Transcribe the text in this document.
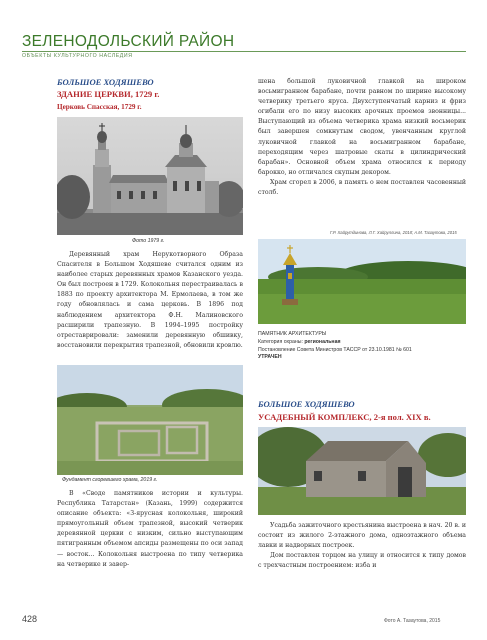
ЗЕЛЕНОДОЛЬСКИЙ РАЙОН
ОБЪЕКТЫ КУЛЬТУРНОГО НАСЛЕДИЯ
БОЛЬШОЕ ХОДЯШЕВО
ЗДАНИЕ ЦЕРКВИ, 1729 г.
Церковь Спасская, 1729 г.
Фото 1979 г.

Деревянный храм Нерукотворного Образа Спасителя в Большом Ходяшеве считался одним из наиболее старых деревянных храмов Казанского уезда. Он был построен в 1729. Колокольня перестраивалась в 1883 по проекту архитектора М. Ермолаева, в том же году обновлялась и сама церковь. В 1896 под наблюдением архитектора Ф.Н. Малиновского расширили трапезную. В 1994–1995 постройку отреставрировали: заменили деревянную обшивку, восстановили перекрытия трапезной, обновили кровлю.

Фундамент сгоревшего храма, 2019 г.

В «Своде памятников истории и культуры. Республика Татарстан» (Казань, 1999) содержится описание объекта: «3-ярусная колокольня, широкий прямоугольный объем трапезной, высокий четверик деревянной церкви с низким, сильно выступающим пятигранным объемом апсиды размещены по оси запад — восток... Колокольня выстроена по типу четверика на четверике и завер-

шена большой луковичной главкой на широком восьмигранном барабане, почти равном по ширине высокому четверику третьего яруса. Двухступенчатый карниз и фриз огибали его по низу высоких арочных проемов звонницы... Выступающий из объема четверика храма низкий восьмерик был завершен сомкнутым сводом, увенчанным круглой луковичной главкой на восьмигранном барабане, переходящим через шатровые скаты в цилиндрический барабан». Основной объем храма относился к периоду барокко, но отличался скупым декором.

Храм сгорел в 2006, в память о нем поставлен часовенный столб.

Г.Р. Хайрутдинова, Л.Г. Хайруллина, 2018; А.М. Тазаутова, 2015
ПАМЯТНИК АРХИТЕКТУРЫ
Категория охраны: региональная
Постановление Совета Министров ТАССР от 23.10.1981 № 601
УТРАЧЕН
БОЛЬШОЕ ХОДЯШЕВО
УСАДЕБНЫЙ КОМПЛЕКС, 2-я пол. XIX в.

Усадьба зажиточного крестьянина выстроена в нач. 20 в. и состоит из жилого 2-этажного дома, одноэтажного объема лавки и надворных построек.

Дом поставлен торцом на улицу и относится к типу домов с трехчастным построением: изба и

428	Фото А. Тазаутова, 2015
